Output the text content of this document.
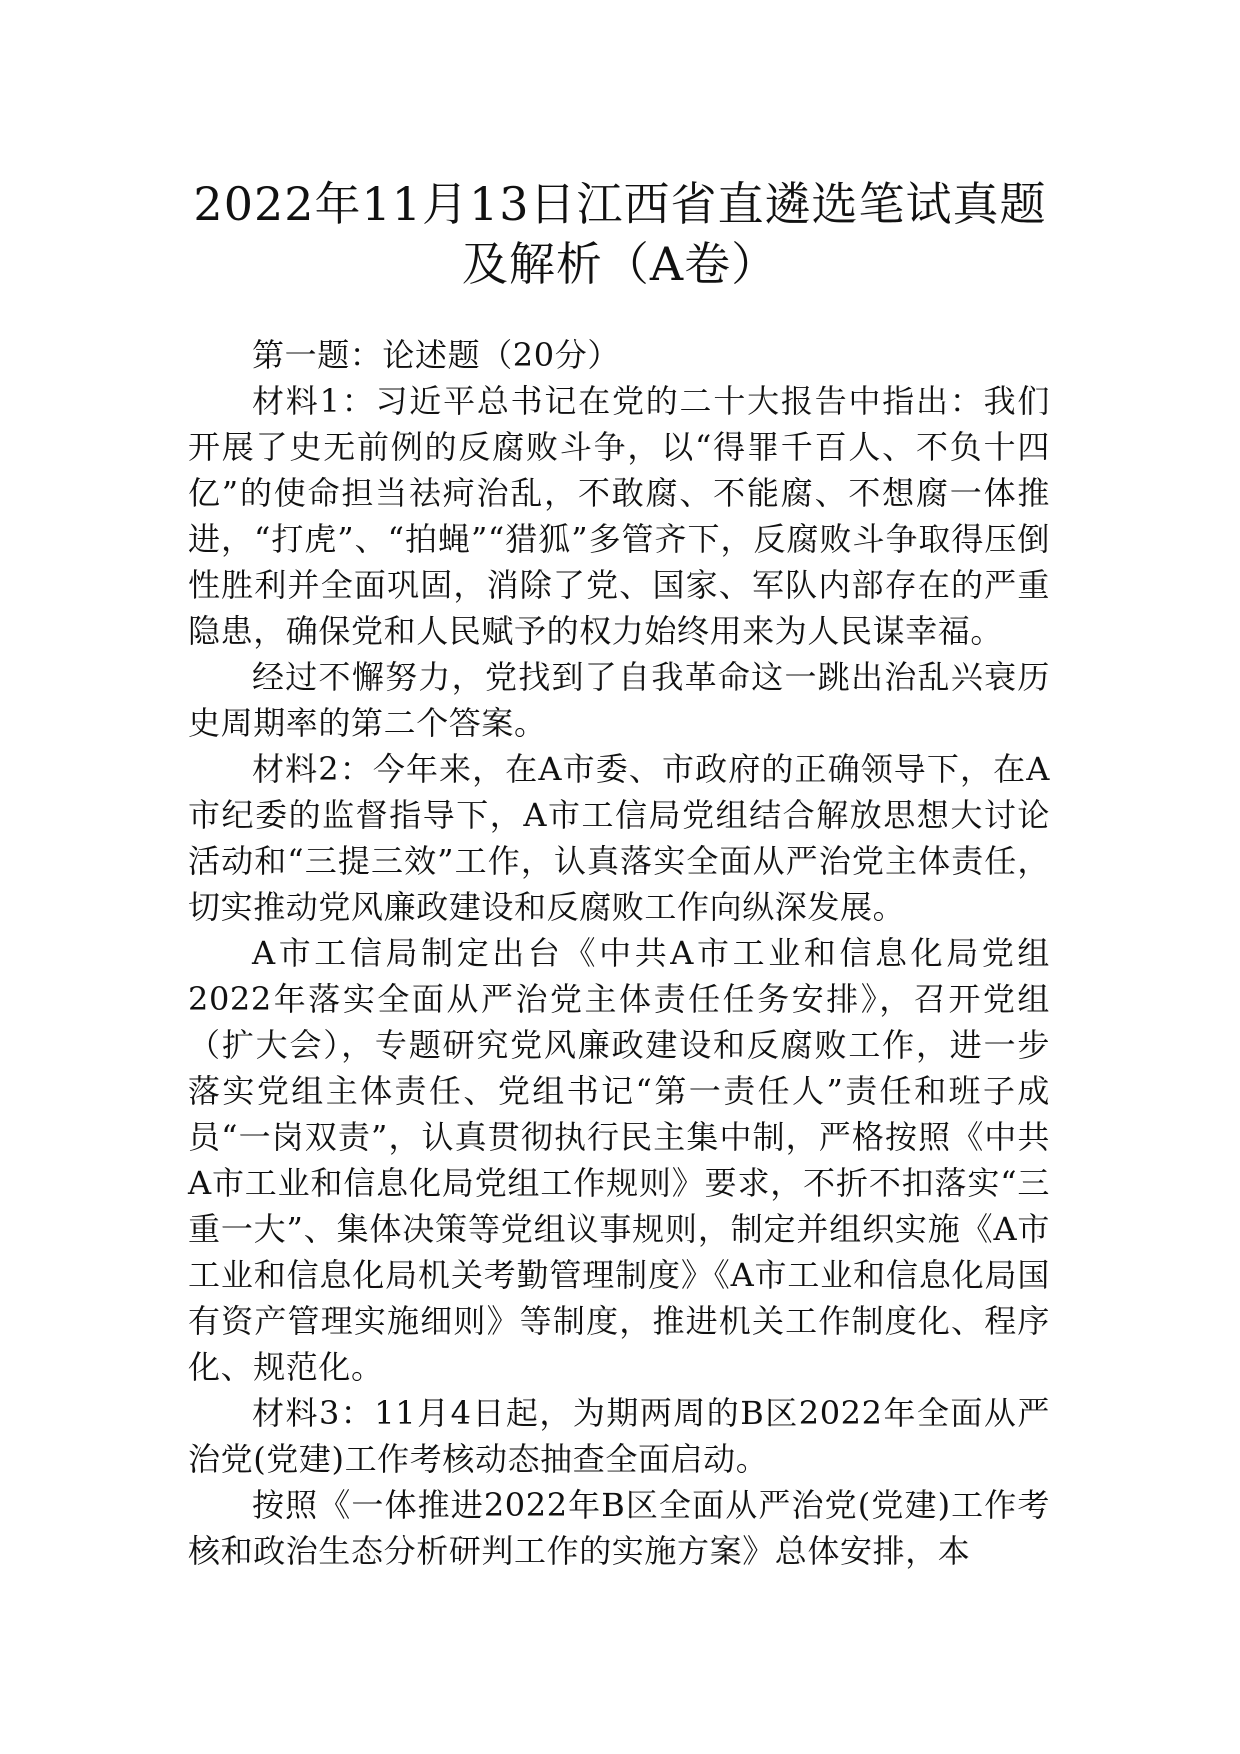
2022年11月13日江西省直遴选笔试真题
及解析（A卷）

第一题：论述题（20分）

材料1：习近平总书记在党的二十大报告中指出：我们开展了史无前例的反腐败斗争，以“得罪千百人、不负十四亿”的使命担当祛疴治乱，不敢腐、不能腐、不想腐一体推进，“打虎”、“拍蝇”“猎狐”多管齐下，反腐败斗争取得压倒性胜利并全面巩固，消除了党、国家、军队内部存在的严重隐患，确保党和人民赋予的权力始终用来为人民谋幸福。

经过不懈努力，党找到了自我革命这一跳出治乱兴衰历史周期率的第二个答案。

材料2：今年来，在A市委、市政府的正确领导下，在A市纪委的监督指导下，A市工信局党组结合解放思想大讨论活动和“三提三效”工作，认真落实全面从严治党主体责任，切实推动党风廉政建设和反腐败工作向纵深发展。

A市工信局制定出台《中共A市工业和信息化局党组2022年落实全面从严治党主体责任任务安排》，召开党组（扩大会），专题研究党风廉政建设和反腐败工作，进一步落实党组主体责任、党组书记“第一责任人”责任和班子成员“一岗双责”，认真贯彻执行民主集中制，严格按照《中共A市工业和信息化局党组工作规则》要求，不折不扣落实“三重一大”、集体决策等党组议事规则，制定并组织实施《A市工业和信息化局机关考勤管理制度》《A市工业和信息化局国有资产管理实施细则》等制度，推进机关工作制度化、程序化、规范化。

材料3：11月4日起，为期两周的B区2022年全面从严治党(党建)工作考核动态抽查全面启动。

按照《一体推进2022年B区全面从严治党(党建)工作考核和政治生态分析研判工作的实施方案》总体安排，本
